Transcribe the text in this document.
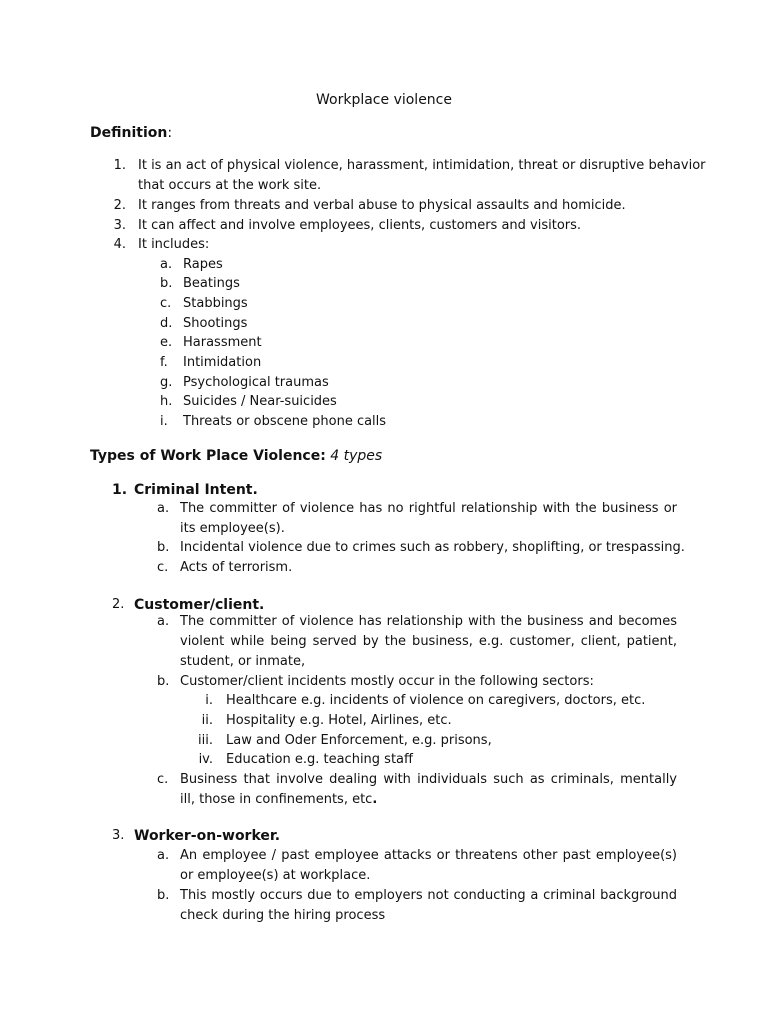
Workplace violence
Definition:
1. It is an act of physical violence, harassment, intimidation, threat or disruptive behavior
that occurs at the work site.
2. It ranges from threats and verbal abuse to physical assaults and homicide.
3. It can affect and involve employees, clients, customers and visitors.
4. It includes:
a. Rapes
b. Beatings
c. Stabbings
d. Shootings
e. Harassment
f. Intimidation
g. Psychological traumas
h. Suicides / Near-suicides
i. Threats or obscene phone calls
Types of Work Place Violence: 4 types
1. Criminal Intent.
a. The committer of violence has no rightful relationship with the business or its employee(s).
b. Incidental violence due to crimes such as robbery, shoplifting, or trespassing.
c. Acts of terrorism.
2. Customer/client.
a. The committer of violence has relationship with the business and becomes violent while being served by the business, e.g. customer, client, patient, student, or inmate,
b. Customer/client incidents mostly occur in the following sectors:
i. Healthcare e.g. incidents of violence on caregivers, doctors, etc.
ii. Hospitality e.g. Hotel, Airlines, etc.
iii. Law and Oder Enforcement, e.g. prisons,
iv. Education e.g. teaching staff
c. Business that involve dealing with individuals such as criminals, mentally ill, those in confinements, etc.
3. Worker-on-worker.
a. An employee / past employee attacks or threatens other past employee(s) or employee(s) at workplace.
b. This mostly occurs due to employers not conducting a criminal background check during the hiring process
